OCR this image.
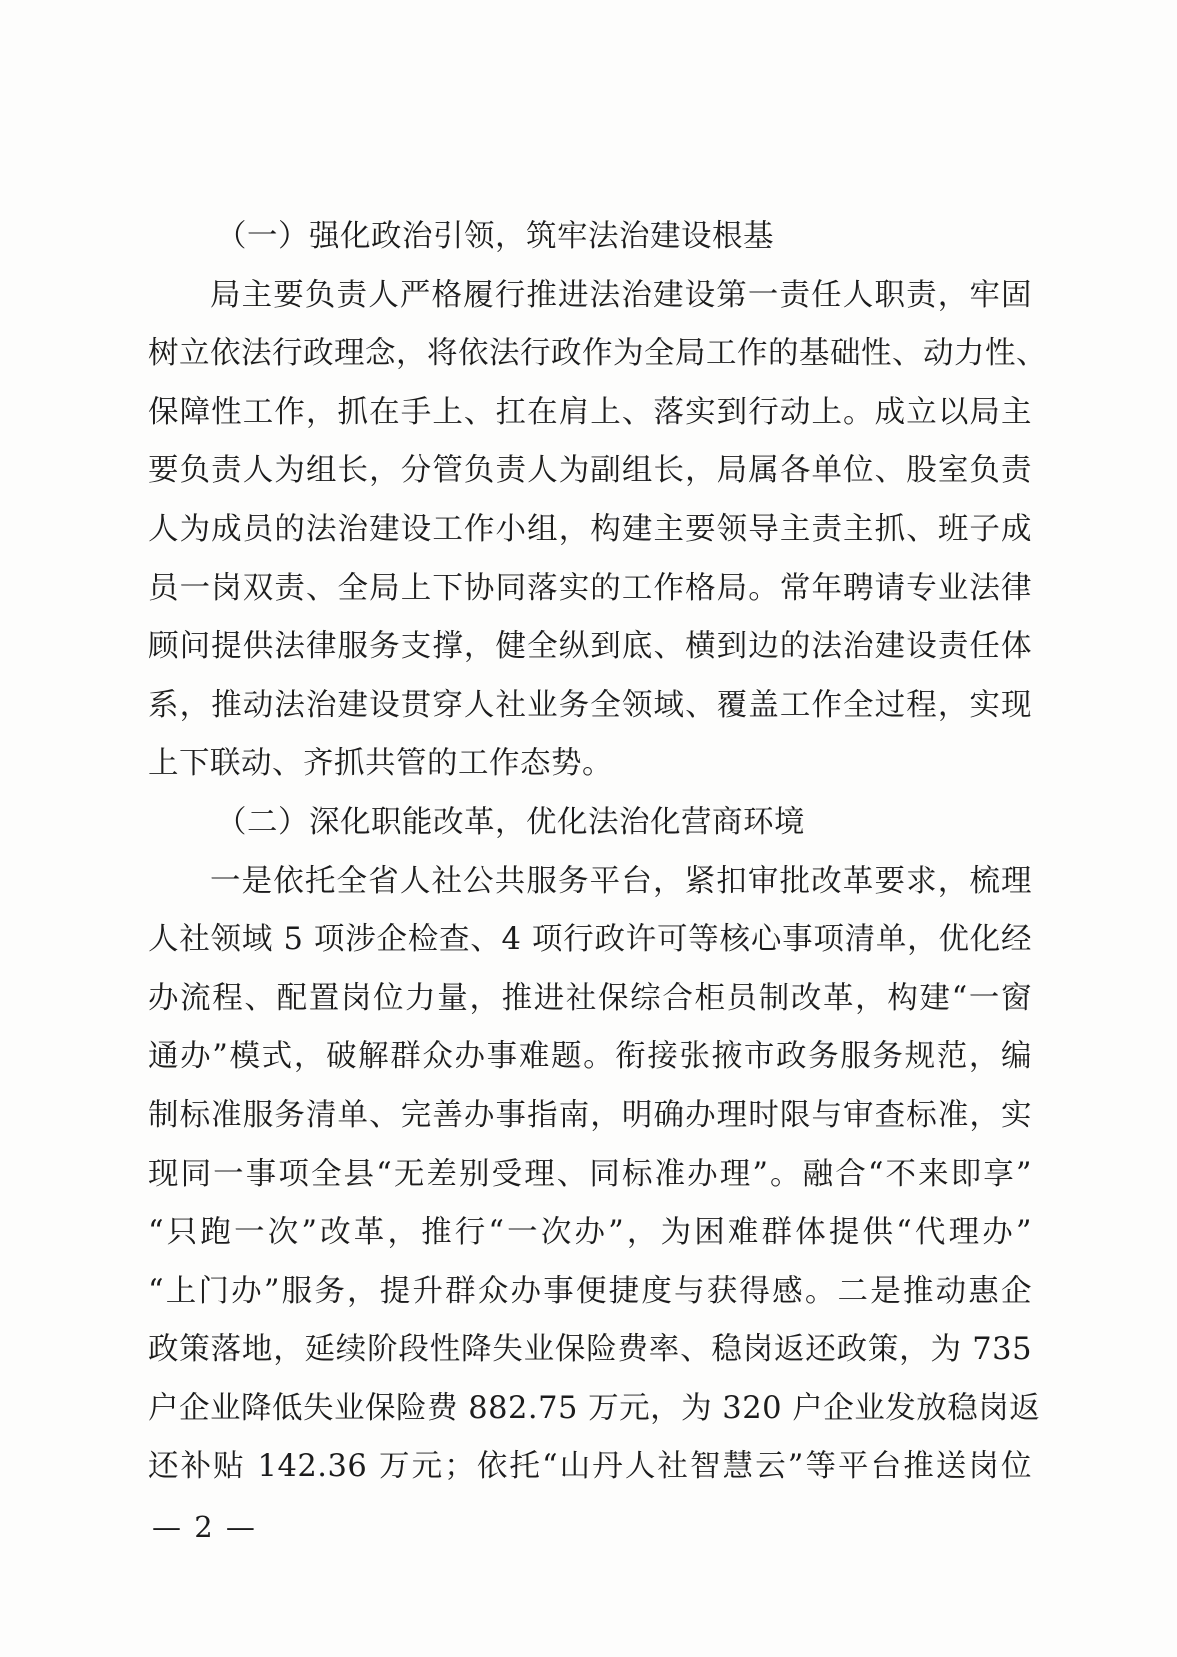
（一）强化政治引领，筑牢法治建设根基
局主要负责人严格履行推进法治建设第一责任人职责，牢固
树立依法行政理念，将依法行政作为全局工作的基础性、动力性、
保障性工作，抓在手上、扛在肩上、落实到行动上。成立以局主
要负责人为组长，分管负责人为副组长，局属各单位、股室负责
人为成员的法治建设工作小组，构建主要领导主责主抓、班子成
员一岗双责、全局上下协同落实的工作格局。常年聘请专业法律
顾问提供法律服务支撑，健全纵到底、横到边的法治建设责任体
系，推动法治建设贯穿人社业务全领域、覆盖工作全过程，实现
上下联动、齐抓共管的工作态势。
（二）深化职能改革，优化法治化营商环境
一是依托全省人社公共服务平台，紧扣审批改革要求，梳理
人社领域 5 项涉企检查、4 项行政许可等核心事项清单，优化经
办流程、配置岗位力量，推进社保综合柜员制改革，构建“一窗
通办”模式，破解群众办事难题。衔接张掖市政务服务规范，编
制标准服务清单、完善办事指南，明确办理时限与审查标准，实
现同一事项全县“无差别受理、同标准办理”。融合“不来即享”
“只跑一次”改革，推行“一次办”，为困难群体提供“代理办”
“上门办”服务，提升群众办事便捷度与获得感。二是推动惠企
政策落地，延续阶段性降失业保险费率、稳岗返还政策，为 735
户企业降低失业保险费 882.75 万元，为 320 户企业发放稳岗返
还补贴 142.36 万元；依托“山丹人社智慧云”等平台推送岗位
— 2 —
